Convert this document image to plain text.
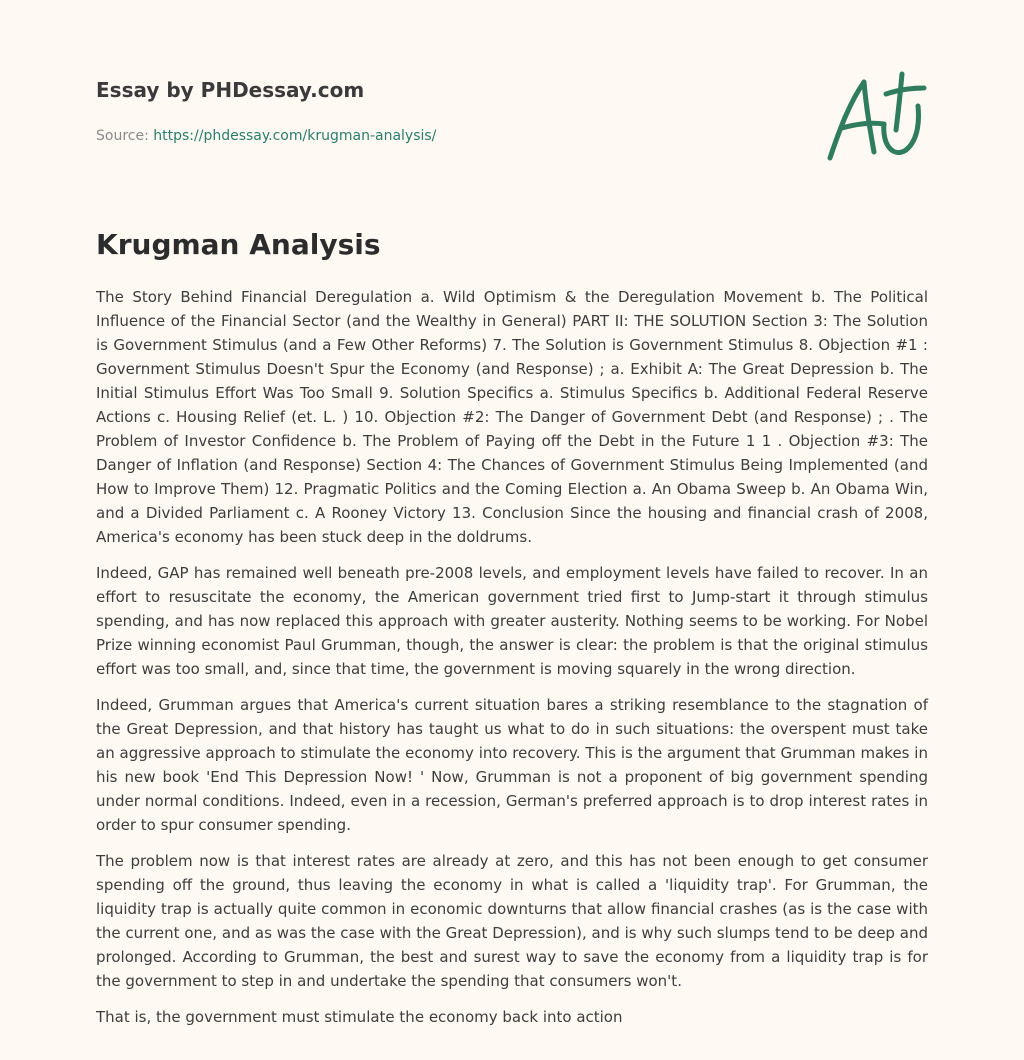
Essay by PHDessay.com
Source: https://phdessay.com/krugman-analysis/
Krugman Analysis

The Story Behind Financial Deregulation a. Wild Optimism & the Deregulation Movement b. The Political Influence of the Financial Sector (and the Wealthy in General) PART II: THE SOLUTION Section 3: The Solution is Government Stimulus (and a Few Other Reforms) 7. The Solution is Government Stimulus 8. Objection #1 : Government Stimulus Doesn't Spur the Economy (and Response) ; a. Exhibit A: The Great Depression b. The Initial Stimulus Effort Was Too Small 9. Solution Specifics a. Stimulus Specifics b. Additional Federal Reserve Actions c. Housing Relief (et. L. ) 10. Objection #2: The Danger of Government Debt (and Response) ; . The Problem of Investor Confidence b. The Problem of Paying off the Debt in the Future 1 1 . Objection #3: The Danger of Inflation (and Response) Section 4: The Chances of Government Stimulus Being Implemented (and How to Improve Them) 12. Pragmatic Politics and the Coming Election a. An Obama Sweep b. An Obama Win, and a Divided Parliament c. A Rooney Victory 13. Conclusion Since the housing and financial crash of 2008, America's economy has been stuck deep in the doldrums.

Indeed, GAP has remained well beneath pre-2008 levels, and employment levels have failed to recover. In an effort to resuscitate the economy, the American government tried first to Jump-start it through stimulus spending, and has now replaced this approach with greater austerity. Nothing seems to be working. For Nobel Prize winning economist Paul Grumman, though, the answer is clear: the problem is that the original stimulus effort was too small, and, since that time, the government is moving squarely in the wrong direction.

Indeed, Grumman argues that America's current situation bares a striking resemblance to the stagnation of the Great Depression, and that history has taught us what to do in such situations: the overspent must take an aggressive approach to stimulate the economy into recovery. This is the argument that Grumman makes in his new book 'End This Depression Now! ' Now, Grumman is not a proponent of big government spending under normal conditions. Indeed, even in a recession, German's preferred approach is to drop interest rates in order to spur consumer spending.

The problem now is that interest rates are already at zero, and this has not been enough to get consumer spending off the ground, thus leaving the economy in what is called a 'liquidity trap'. For Grumman, the liquidity trap is actually quite common in economic downturns that allow financial crashes (as is the case with the current one, and as was the case with the Great Depression), and is why such slumps tend to be deep and prolonged. According to Grumman, the best and surest way to save the economy from a liquidity trap is for the government to step in and undertake the spending that consumers won't.

That is, the government must stimulate the economy back into action
